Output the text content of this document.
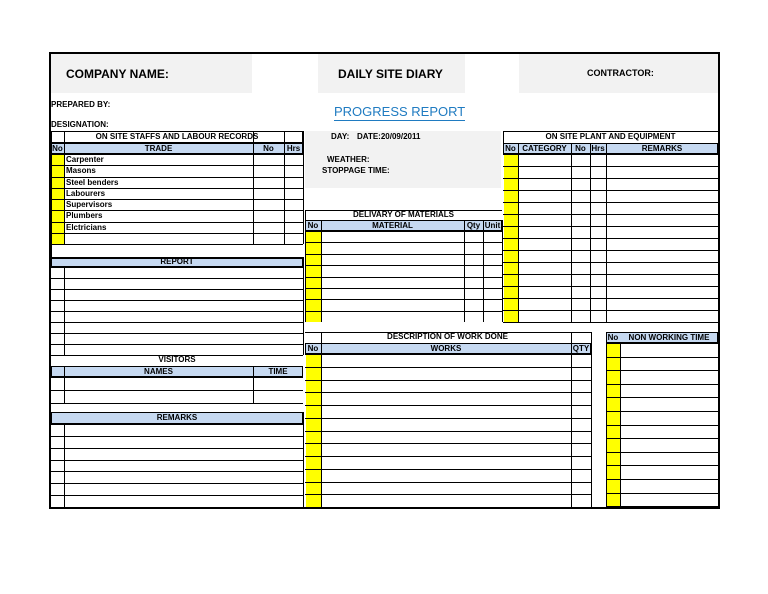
COMPANY NAME:	DAILY SITE DIARY	CONTRACTOR:
PREPARED BY:
DESIGNATION:
PROGRESS REPORT
DAY: DATE:20/09/2011
WEATHER:
STOPPAGE TIME:
ON SITE STAFFS AND LABOUR RECORDS
No	TRADE	No	Hrs
Carpenter
Masons
Steel benders
Labourers
Supervisors
Plumbers
Elctricians
REPORT
VISITORS
NAMES	TIME
REMARKS
DELIVARY OF MATERIALS
No	MATERIAL	Qty Unit
DESCRIPTION OF WORK DONE
No	WORKS	QTY
ON SITE PLANT AND EQUIPMENT
No CATEGORY	No Hrs	REMARKS
No	NON WORKING TIME
